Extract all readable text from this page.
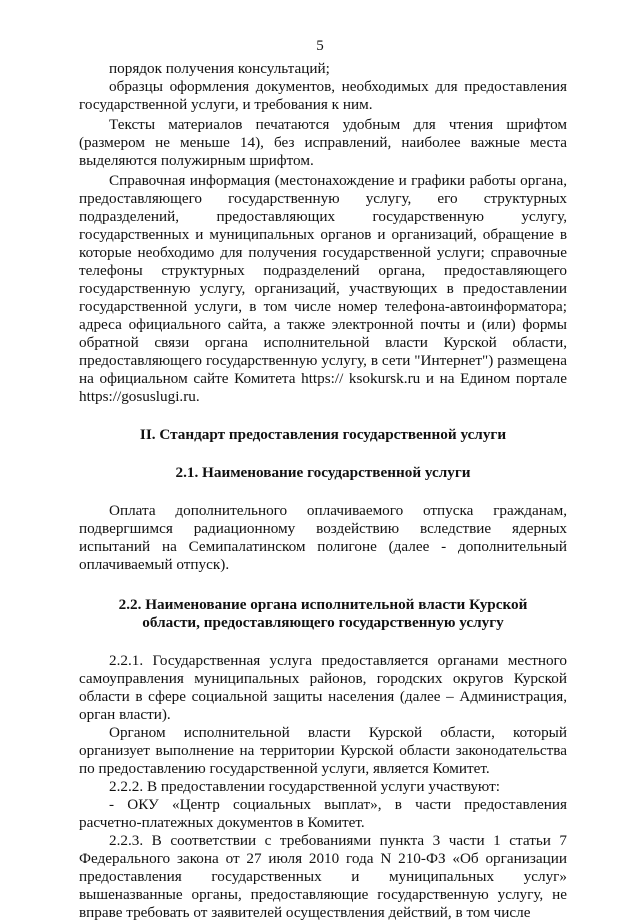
5

порядок получения консультаций;

образцы оформления документов, необходимых для предоставления государственной услуги, и требования к ним.

Тексты материалов печатаются удобным для чтения шрифтом (размером не меньше 14), без исправлений, наиболее важные места выделяются полужирным шрифтом.

Справочная информация (местонахождение и графики работы органа, предоставляющего государственную услугу, его структурных подразделений, предоставляющих государственную услугу, государственных и муниципальных органов и организаций, обращение в которые необходимо для получения государственной услуги; справочные телефоны структурных подразделений органа, предоставляющего государственную услугу, организаций, участвующих в предоставлении государственной услуги, в том числе номер телефона-автоинформатора; адреса официального сайта, а также электронной почты и (или) формы обратной связи органа исполнительной власти Курской области, предоставляющего государственную услугу, в сети "Интернет") размещена на официальном сайте Комитета https:// ksokursk.ru и на Едином портале https://gosuslugi.ru.

II. Стандарт предоставления государственной услуги

2.1. Наименование государственной услуги

Оплата дополнительного оплачиваемого отпуска гражданам, подвергшимся радиационному воздействию вследствие ядерных испытаний на Семипалатинском полигоне (далее - дополнительный оплачиваемый отпуск).

2.2. Наименование органа исполнительной власти Курской

области, предоставляющего государственную услугу

2.2.1. Государственная услуга предоставляется органами местного самоуправления муниципальных районов, городских округов Курской области в сфере социальной защиты населения (далее – Администрация, орган власти).

Органом исполнительной власти Курской области, который организует выполнение на территории Курской области законодательства по предоставлению государственной услуги, является Комитет.

2.2.2. В предоставлении государственной услуги участвуют:

- ОКУ «Центр социальных выплат», в части предоставления расчетно-платежных документов в Комитет.

2.2.3. В соответствии с требованиями пункта 3 части 1 статьи 7 Федерального закона от 27 июля 2010 года N 210-ФЗ «Об организации предоставления государственных и муниципальных услуг» вышеназванные органы, предоставляющие государственную услугу, не вправе требовать от заявителей осуществления действий, в том числе
